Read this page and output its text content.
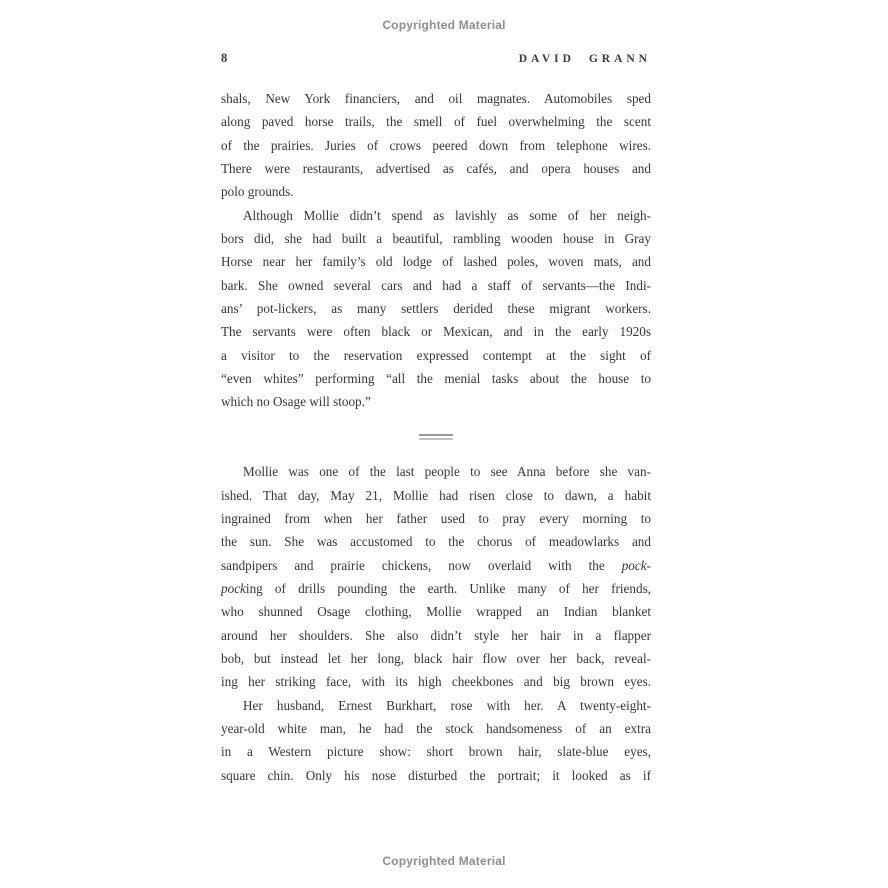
Copyrighted Material
8	DAVID GRANN
shals, New York financiers, and oil magnates. Automobiles sped
along paved horse trails, the smell of fuel overwhelming the scent
of the prairies. Juries of crows peered down from telephone wires.
There were restaurants, advertised as cafés, and opera houses and
polo grounds.
Although Mollie didn’t spend as lavishly as some of her neigh-
bors did, she had built a beautiful, rambling wooden house in Gray
Horse near her family’s old lodge of lashed poles, woven mats, and
bark. She owned several cars and had a staff of servants—the Indi-
ans’ pot-lickers, as many settlers derided these migrant workers.
The servants were often black or Mexican, and in the early 1920s
a visitor to the reservation expressed contempt at the sight of
“even whites” performing “all the menial tasks about the house to
which no Osage will stoop.”
Mollie was one of the last people to see Anna before she van-
ished. That day, May 21, Mollie had risen close to dawn, a habit
ingrained from when her father used to pray every morning to
the sun. She was accustomed to the chorus of meadowlarks and
sandpipers and prairie chickens, now overlaid with the pock-
pocking of drills pounding the earth. Unlike many of her friends,
who shunned Osage clothing, Mollie wrapped an Indian blanket
around her shoulders. She also didn’t style her hair in a flapper
bob, but instead let her long, black hair flow over her back, reveal-
ing her striking face, with its high cheekbones and big brown eyes.
Her husband, Ernest Burkhart, rose with her. A twenty-eight-
year-old white man, he had the stock handsomeness of an extra
in a Western picture show: short brown hair, slate-blue eyes,
square chin. Only his nose disturbed the portrait; it looked as if
Copyrighted Material
